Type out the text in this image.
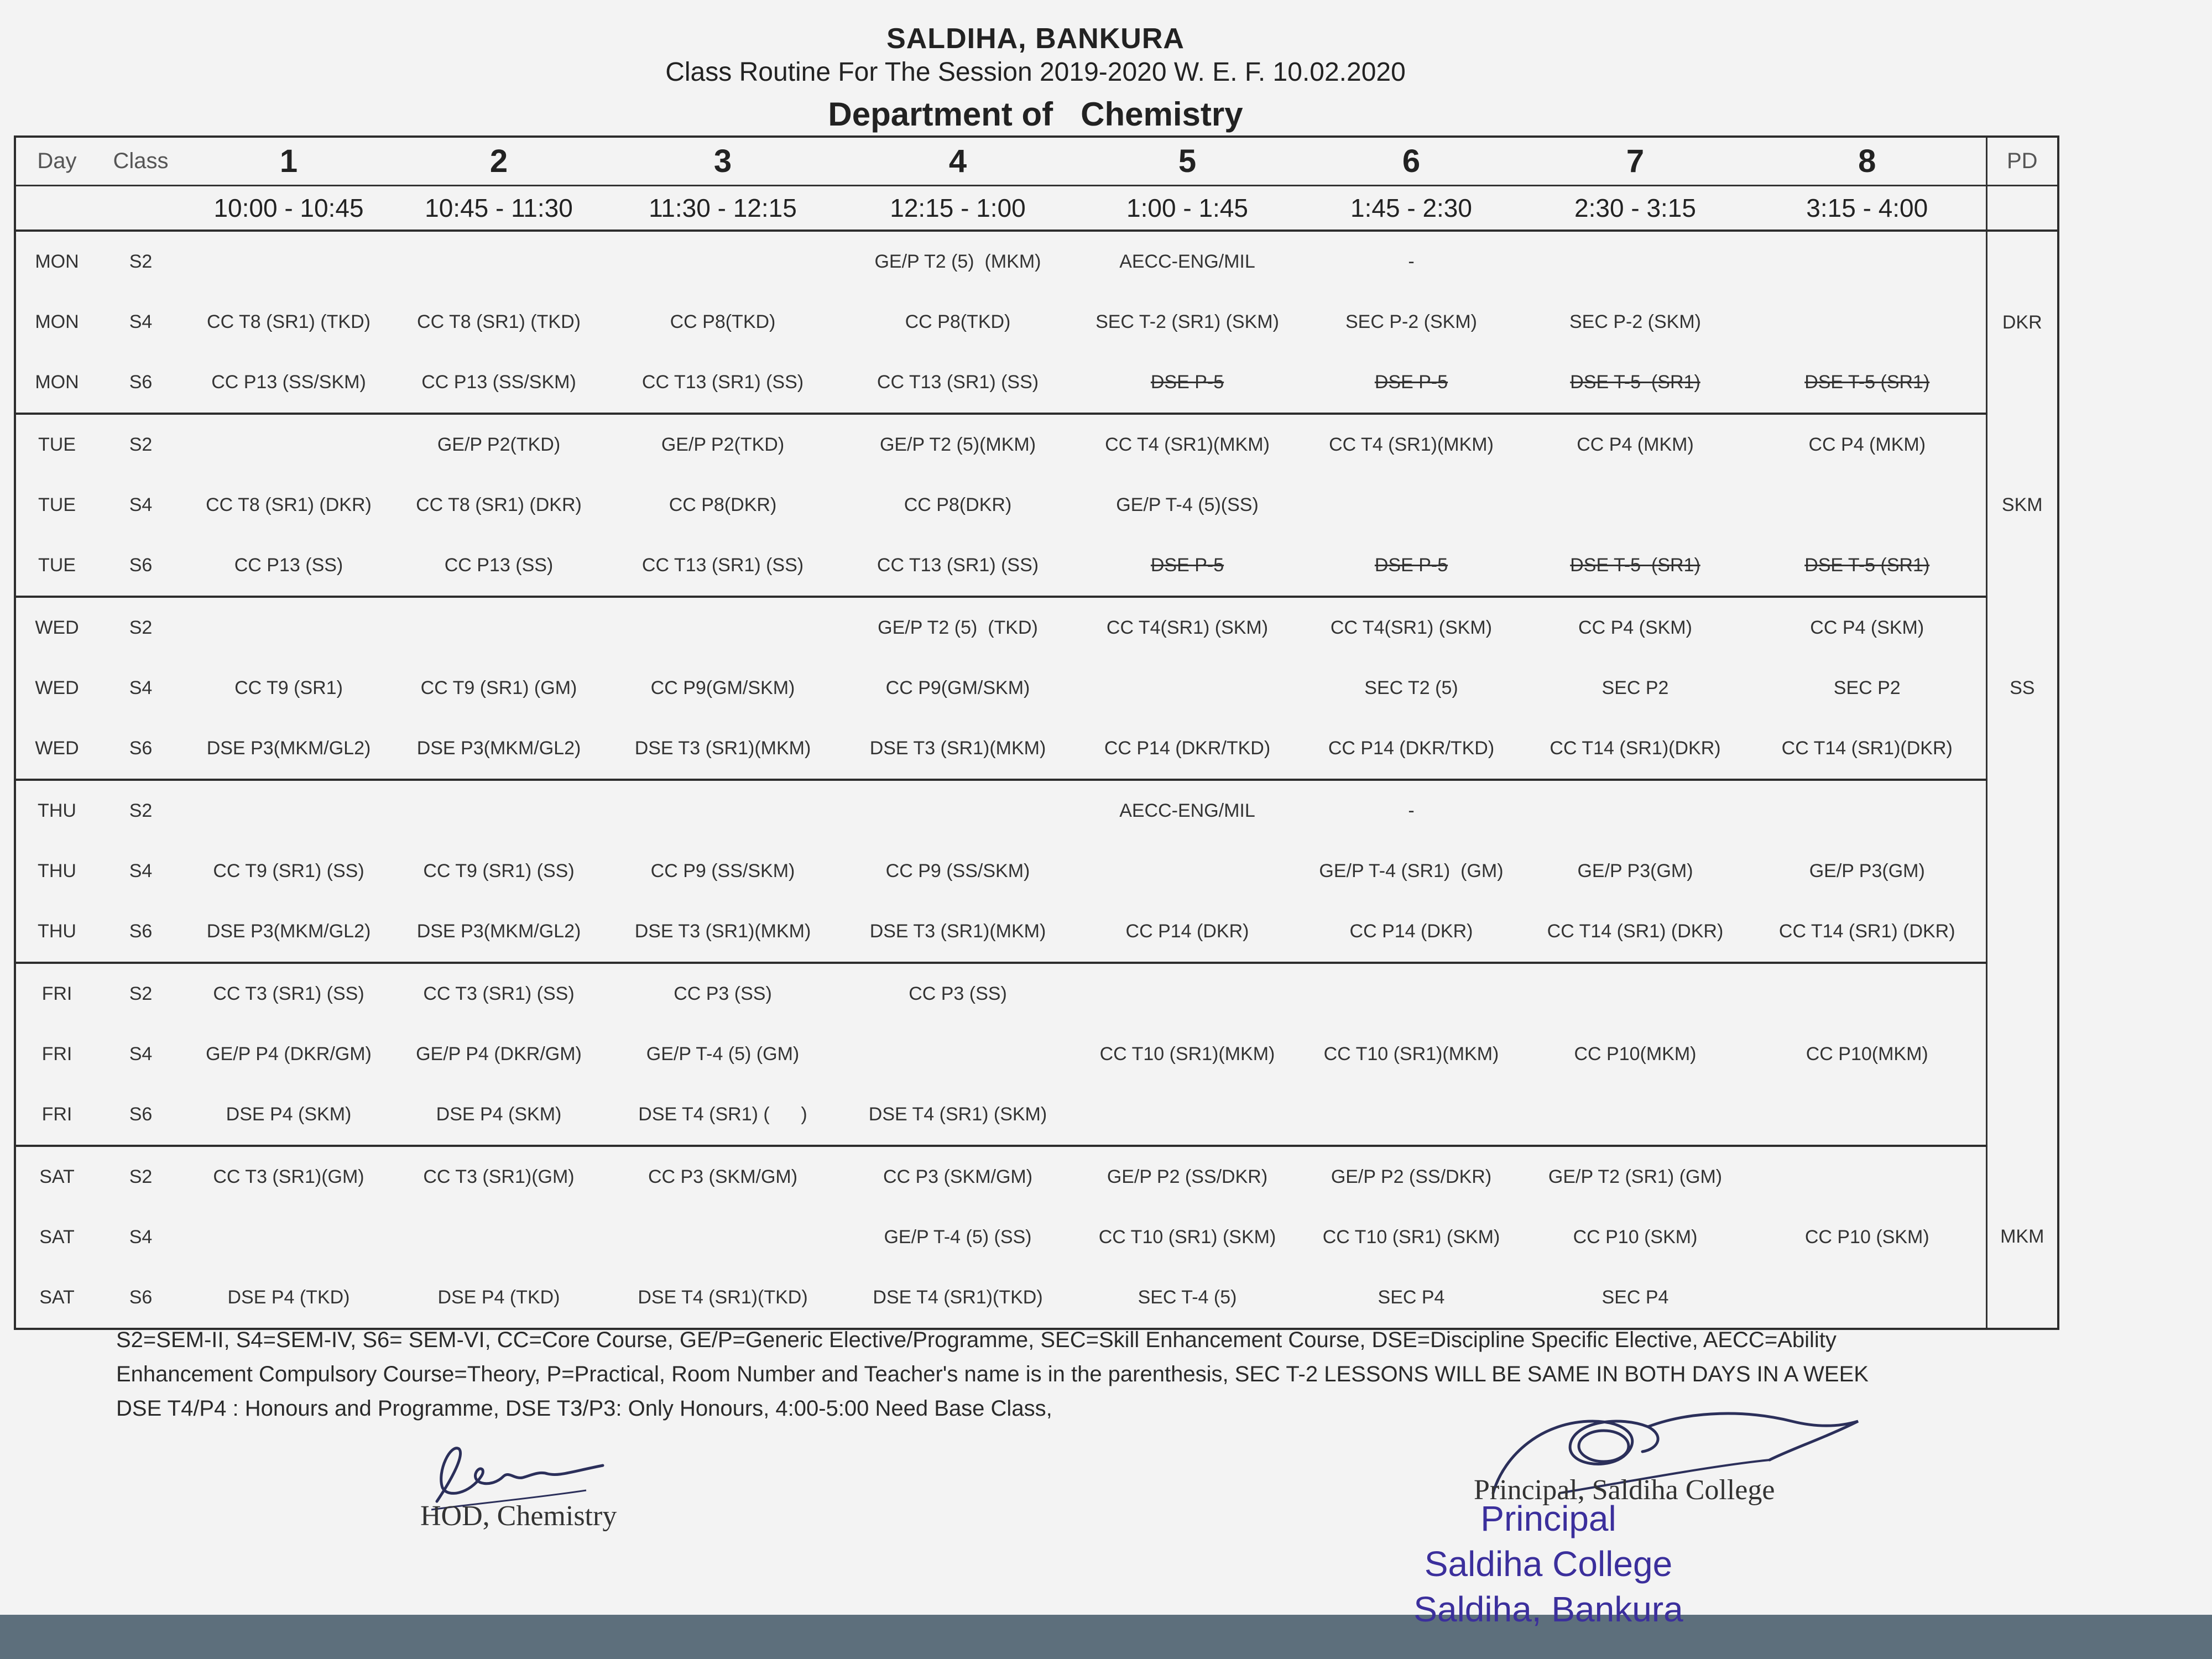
SALDIHA, BANKURA
Class Routine For The Session 2019-2020 W. E. F. 10.02.2020
Department of   Chemistry
Day	Class	1	2	3	4	5	6	7	8	PD
		10:00 - 10:45	10:45 - 11:30	11:30 - 12:15	12:15 - 1:00	1:00 - 1:45	1:45 - 2:30	2:30 - 3:15	3:15 - 4:00	
MON	S2				GE/P T2 (5)  (MKM)	AECC-ENG/MIL	-			DKR
MON	S4	CC T8 (SR1) (TKD)	CC T8 (SR1) (TKD)	CC P8(TKD)	CC P8(TKD)	SEC T-2 (SR1) (SKM)	SEC P-2 (SKM)	SEC P-2 (SKM)		
MON	S6	CC P13 (SS/SKM)	CC P13 (SS/SKM)	CC T13 (SR1) (SS)	CC T13 (SR1) (SS)	DSE P-5	DSE P-5	DSE T-5  (SR1)	DSE T-5 (SR1)	
TUE	S2		GE/P P2(TKD)	GE/P P2(TKD)	GE/P T2 (5)(MKM)	CC T4 (SR1)(MKM)	CC T4 (SR1)(MKM)	CC P4 (MKM)	CC P4 (MKM)	SKM
TUE	S4	CC T8 (SR1) (DKR)	CC T8 (SR1) (DKR)	CC P8(DKR)	CC P8(DKR)	GE/P T-4 (5)(SS)				
TUE	S6	CC P13 (SS)	CC P13 (SS)	CC T13 (SR1) (SS)	CC T13 (SR1) (SS)	DSE P-5	DSE P-5	DSE T-5  (SR1)	DSE T-5 (SR1)	
WED	S2				GE/P T2 (5)  (TKD)	CC T4(SR1) (SKM)	CC T4(SR1) (SKM)	CC P4 (SKM)	CC P4 (SKM)	SS
WED	S4	CC T9 (SR1)	CC T9 (SR1) (GM)	CC P9(GM/SKM)	CC P9(GM/SKM)		SEC T2 (5)	SEC P2	SEC P2	
WED	S6	DSE P3(MKM/GL2)	DSE P3(MKM/GL2)	DSE T3 (SR1)(MKM)	DSE T3 (SR1)(MKM)	CC P14 (DKR/TKD)	CC P14 (DKR/TKD)	CC T14 (SR1)(DKR)	CC T14 (SR1)(DKR)	
THU	S2					AECC-ENG/MIL	-			
THU	S4	CC T9 (SR1) (SS)	CC T9 (SR1) (SS)	CC P9 (SS/SKM)	CC P9 (SS/SKM)		GE/P T-4 (SR1)  (GM)	GE/P P3(GM)	GE/P P3(GM)	
THU	S6	DSE P3(MKM/GL2)	DSE P3(MKM/GL2)	DSE T3 (SR1)(MKM)	DSE T3 (SR1)(MKM)	CC P14 (DKR)	CC P14 (DKR)	CC T14 (SR1) (DKR)	CC T14 (SR1) (DKR)	
FRI	S2	CC T3 (SR1) (SS)	CC T3 (SR1) (SS)	CC P3 (SS)	CC P3 (SS)					
FRI	S4	GE/P P4 (DKR/GM)	GE/P P4 (DKR/GM)	GE/P T-4 (5) (GM)		CC T10 (SR1)(MKM)	CC T10 (SR1)(MKM)	CC P10(MKM)	CC P10(MKM)	
FRI	S6	DSE P4 (SKM)	DSE P4 (SKM)	DSE T4 (SR1) (      )	DSE T4 (SR1) (SKM)					
SAT	S2	CC T3 (SR1)(GM)	CC T3 (SR1)(GM)	CC P3 (SKM/GM)	CC P3 (SKM/GM)	GE/P P2 (SS/DKR)	GE/P P2 (SS/DKR)	GE/P T2 (SR1) (GM)		MKM
SAT	S4				GE/P T-4 (5) (SS)	CC T10 (SR1) (SKM)	CC T10 (SR1) (SKM)	CC P10 (SKM)	CC P10 (SKM)	
SAT	S6	DSE P4 (TKD)	DSE P4 (TKD)	DSE T4 (SR1)(TKD)	DSE T4 (SR1)(TKD)	SEC T-4 (5)	SEC P4	SEC P4		
S2=SEM-II, S4=SEM-IV, S6= SEM-VI, CC=Core Course, GE/P=Generic Elective/Programme, SEC=Skill Enhancement Course, DSE=Discipline Specific Elective, AECC=Ability
Enhancement Compulsory Course=Theory, P=Practical, Room Number and Teacher's name is in the parenthesis, SEC T-2 LESSONS WILL BE SAME IN BOTH DAYS IN A WEEK
DSE T4/P4 : Honours and Programme, DSE T3/P3: Only Honours, 4:00-5:00 Need Base Class,
HOD, Chemistry
Principal, Saldiha College
Principal
Saldiha College
Saldiha, Bankura
